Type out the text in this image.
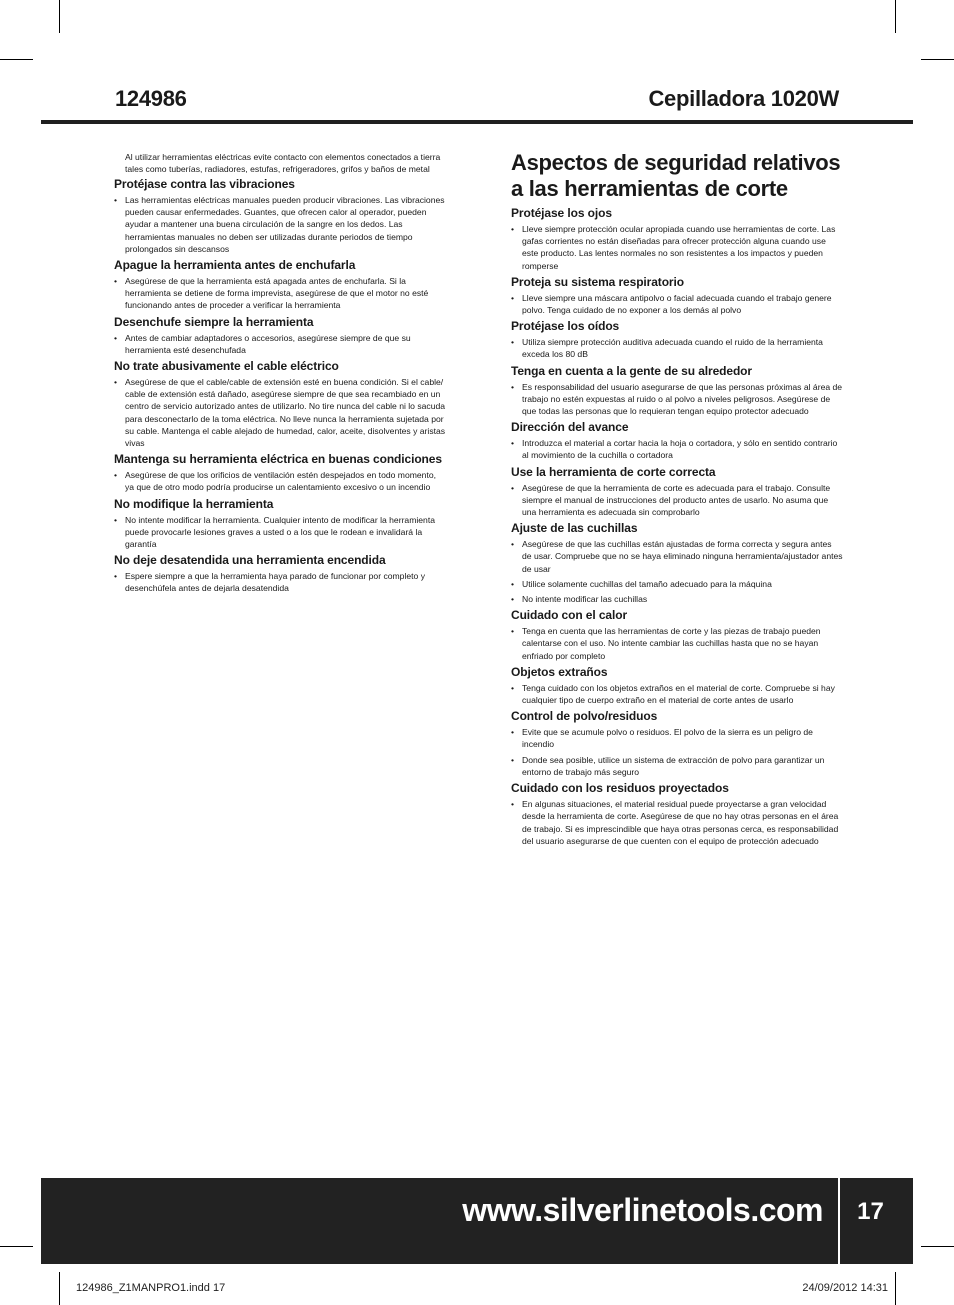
124986	Cepilladora 1020W

Al utilizar herramientas eléctricas evite contacto con elementos conectados a tierra tales como tuberías, radiadores, estufas, refrigeradores, grifos y baños de metal

Protéjase contra las vibraciones
• Las herramientas eléctricas manuales pueden producir vibraciones. Las vibraciones pueden causar enfermedades. Guantes, que ofrecen calor al operador, pueden ayudar a mantener una buena circulación de la sangre en los dedos. Las herramientas manuales no deben ser utilizadas durante periodos de tiempo prolongados sin descansos
Apague la herramienta antes de enchufarla
• Asegúrese de que la herramienta está apagada antes de enchufarla. Si la herramienta se detiene de forma imprevista, asegúrese de que el motor no esté funcionando antes de proceder a verificar la herramienta
Desenchufe siempre la herramienta
• Antes de cambiar adaptadores o accesorios, asegúrese siempre de que su herramienta esté desenchufada
No trate abusivamente el cable eléctrico
• Asegúrese de que el cable/cable de extensión esté en buena condición. Si el cable/ cable de extensión está dañado, asegúrese siempre de que sea recambiado en un centro de servicio autorizado antes de utilizarlo. No tire nunca del cable ni lo sacuda para desconectarlo de la toma eléctrica. No lleve nunca la herramienta sujetada por su cable. Mantenga el cable alejado de humedad, calor, aceite, disolventes y aristas vivas
Mantenga su herramienta eléctrica en buenas condiciones
• Asegúrese de que los orificios de ventilación estén despejados en todo momento, ya que de otro modo podría producirse un calentamiento excesivo o un incendio
No modifique la herramienta
• No intente modificar la herramienta. Cualquier intento de modificar la herramienta puede provocarle lesiones graves a usted o a los que le rodean e invalidará la garantía
No deje desatendida una herramienta encendida
• Espere siempre a que la herramienta haya parado de funcionar por completo y desenchúfela antes de dejarla desatendida
Aspectos de seguridad relativos
a las herramientas de corte
Protéjase los ojos
• Lleve siempre protección ocular apropiada cuando use herramientas de corte. Las gafas corrientes no están diseñadas para ofrecer protección alguna cuando use este producto. Las lentes normales no son resistentes a los impactos y pueden romperse
Proteja su sistema respiratorio
• Lleve siempre una máscara antipolvo o facial adecuada cuando el trabajo genere polvo. Tenga cuidado de no exponer a los demás al polvo
Protéjase los oídos
• Utiliza siempre protección auditiva adecuada cuando el ruido de la herramienta exceda los 80 dB
Tenga en cuenta a la gente de su alrededor
• Es responsabilidad del usuario asegurarse de que las personas próximas al área de trabajo no estén expuestas al ruido o al polvo a niveles peligrosos. Asegúrese de que todas las personas que lo requieran tengan equipo protector adecuado
Dirección del avance
• Introduzca el material a cortar hacia la hoja o cortadora, y sólo en sentido contrario al movimiento de la cuchilla o cortadora
Use la herramienta de corte correcta
• Asegúrese de que la herramienta de corte es adecuada para el trabajo. Consulte siempre el manual de instrucciones del producto antes de usarlo. No asuma que una herramienta es adecuada sin comprobarlo
Ajuste de las cuchillas
• Asegúrese de que las cuchillas están ajustadas de forma correcta y segura antes de usar. Compruebe que no se haya eliminado ninguna herramienta/ajustador antes de usar
• Utilice solamente cuchillas del tamaño adecuado para la máquina
• No intente modificar las cuchillas
Cuidado con el calor
• Tenga en cuenta que las herramientas de corte y las piezas de trabajo pueden calentarse con el uso. No intente cambiar las cuchillas hasta que no se hayan enfriado por completo
Objetos extraños
• Tenga cuidado con los objetos extraños en el material de corte. Compruebe si hay cualquier tipo de cuerpo extraño en el material de corte antes de usarlo
Control de polvo/residuos
• Evite que se acumule polvo o residuos. El polvo de la sierra es un peligro de incendio
• Donde sea posible, utilice un sistema de extracción de polvo para garantizar un entorno de trabajo más seguro
Cuidado con los residuos proyectados
• En algunas situaciones, el material residual puede proyectarse a gran velocidad desde la herramienta de corte. Asegúrese de que no hay otras personas en el área de trabajo. Si es imprescindible que haya otras personas cerca, es responsabilidad del usuario asegurarse de que cuenten con el equipo de protección adecuado
www.silverlinetools.com	17
124986_Z1MANPRO1.indd 17	24/09/2012 14:31
